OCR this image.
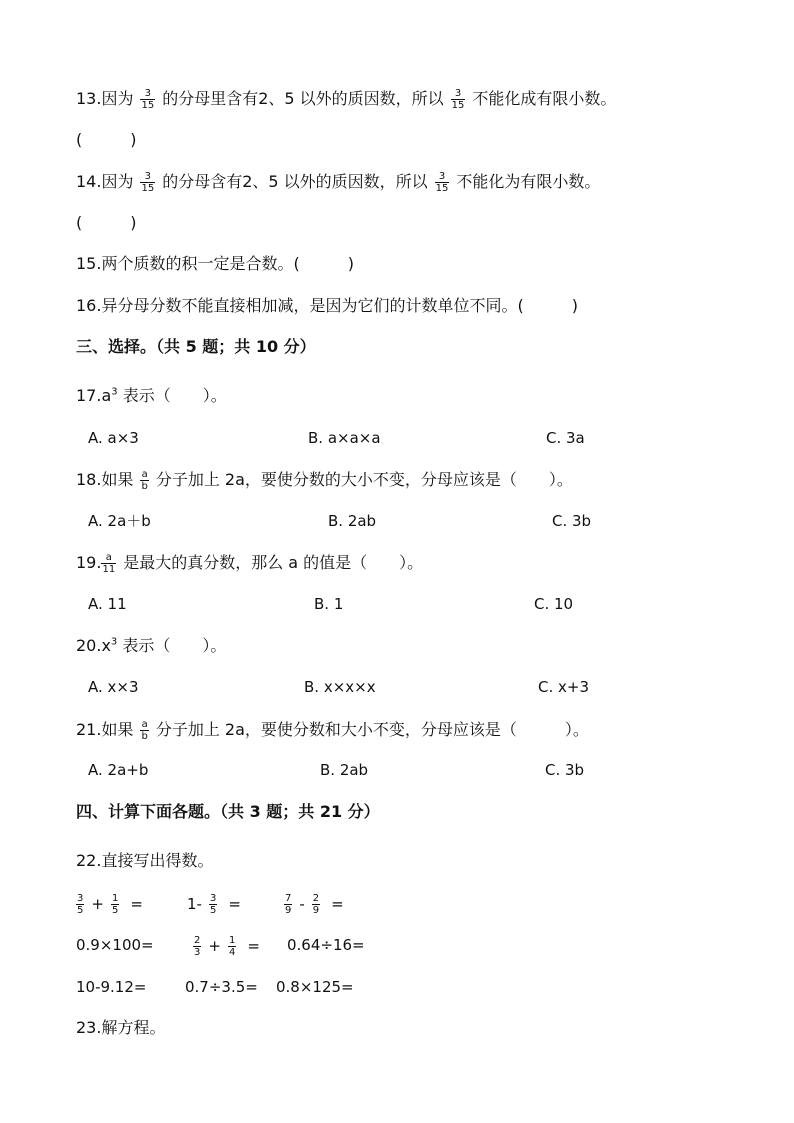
13.因为 $\frac{3}{15}$ 的分母里含有2、5 以外的质因数，所以 $\frac{3}{15}$ 不能化成有限小数。
(　　　)
14.因为 $\frac{3}{15}$ 的分母含有2、5 以外的质因数，所以 $\frac{3}{15}$ 不能化为有限小数。
(　　　)
15.两个质数的积一定是合数。(　　　)
16.异分母分数不能直接相加减，是因为它们的计数单位不同。(　　　)
三、选择。（共 5 题；共 10 分）
$17.a^3$ 表示（　　）。
A. a×3	B. a×a×a	C. 3a
18.如果 $\frac{a}{b}$ 分子加上 2a，要使分数的大小不变，分母应该是（　　）。
A. 2a＋b	B. 2ab	C. 3b
19. $\frac{a}{11}$ 是最大的真分数，那么 a 的值是（　　）。
A. 11	B. 1	C. 10
$20.x^3$ 表示（　　）。
A. x×3	B. x×x×x	C. x+3
21.如果 $\frac{a}{b}$ 分子加上 2a，要使分数和大小不变，分母应该是（　　　）。
A. 2a+b	B. 2ab	C. 3b
四、计算下面各题。（共 3 题；共 21 分）
22.直接写出得数。
$\frac{3}{5} + \frac{1}{5}$ =	$1- \frac{3}{5}$ =	$\frac{7}{9} - \frac{2}{9}$ =
0.9×100=	$\frac{2}{3} + \frac{1}{4} = 0.64\div 16=$
10-9.12=	0.7÷3.5= 0.8×125=
23.解方程。
